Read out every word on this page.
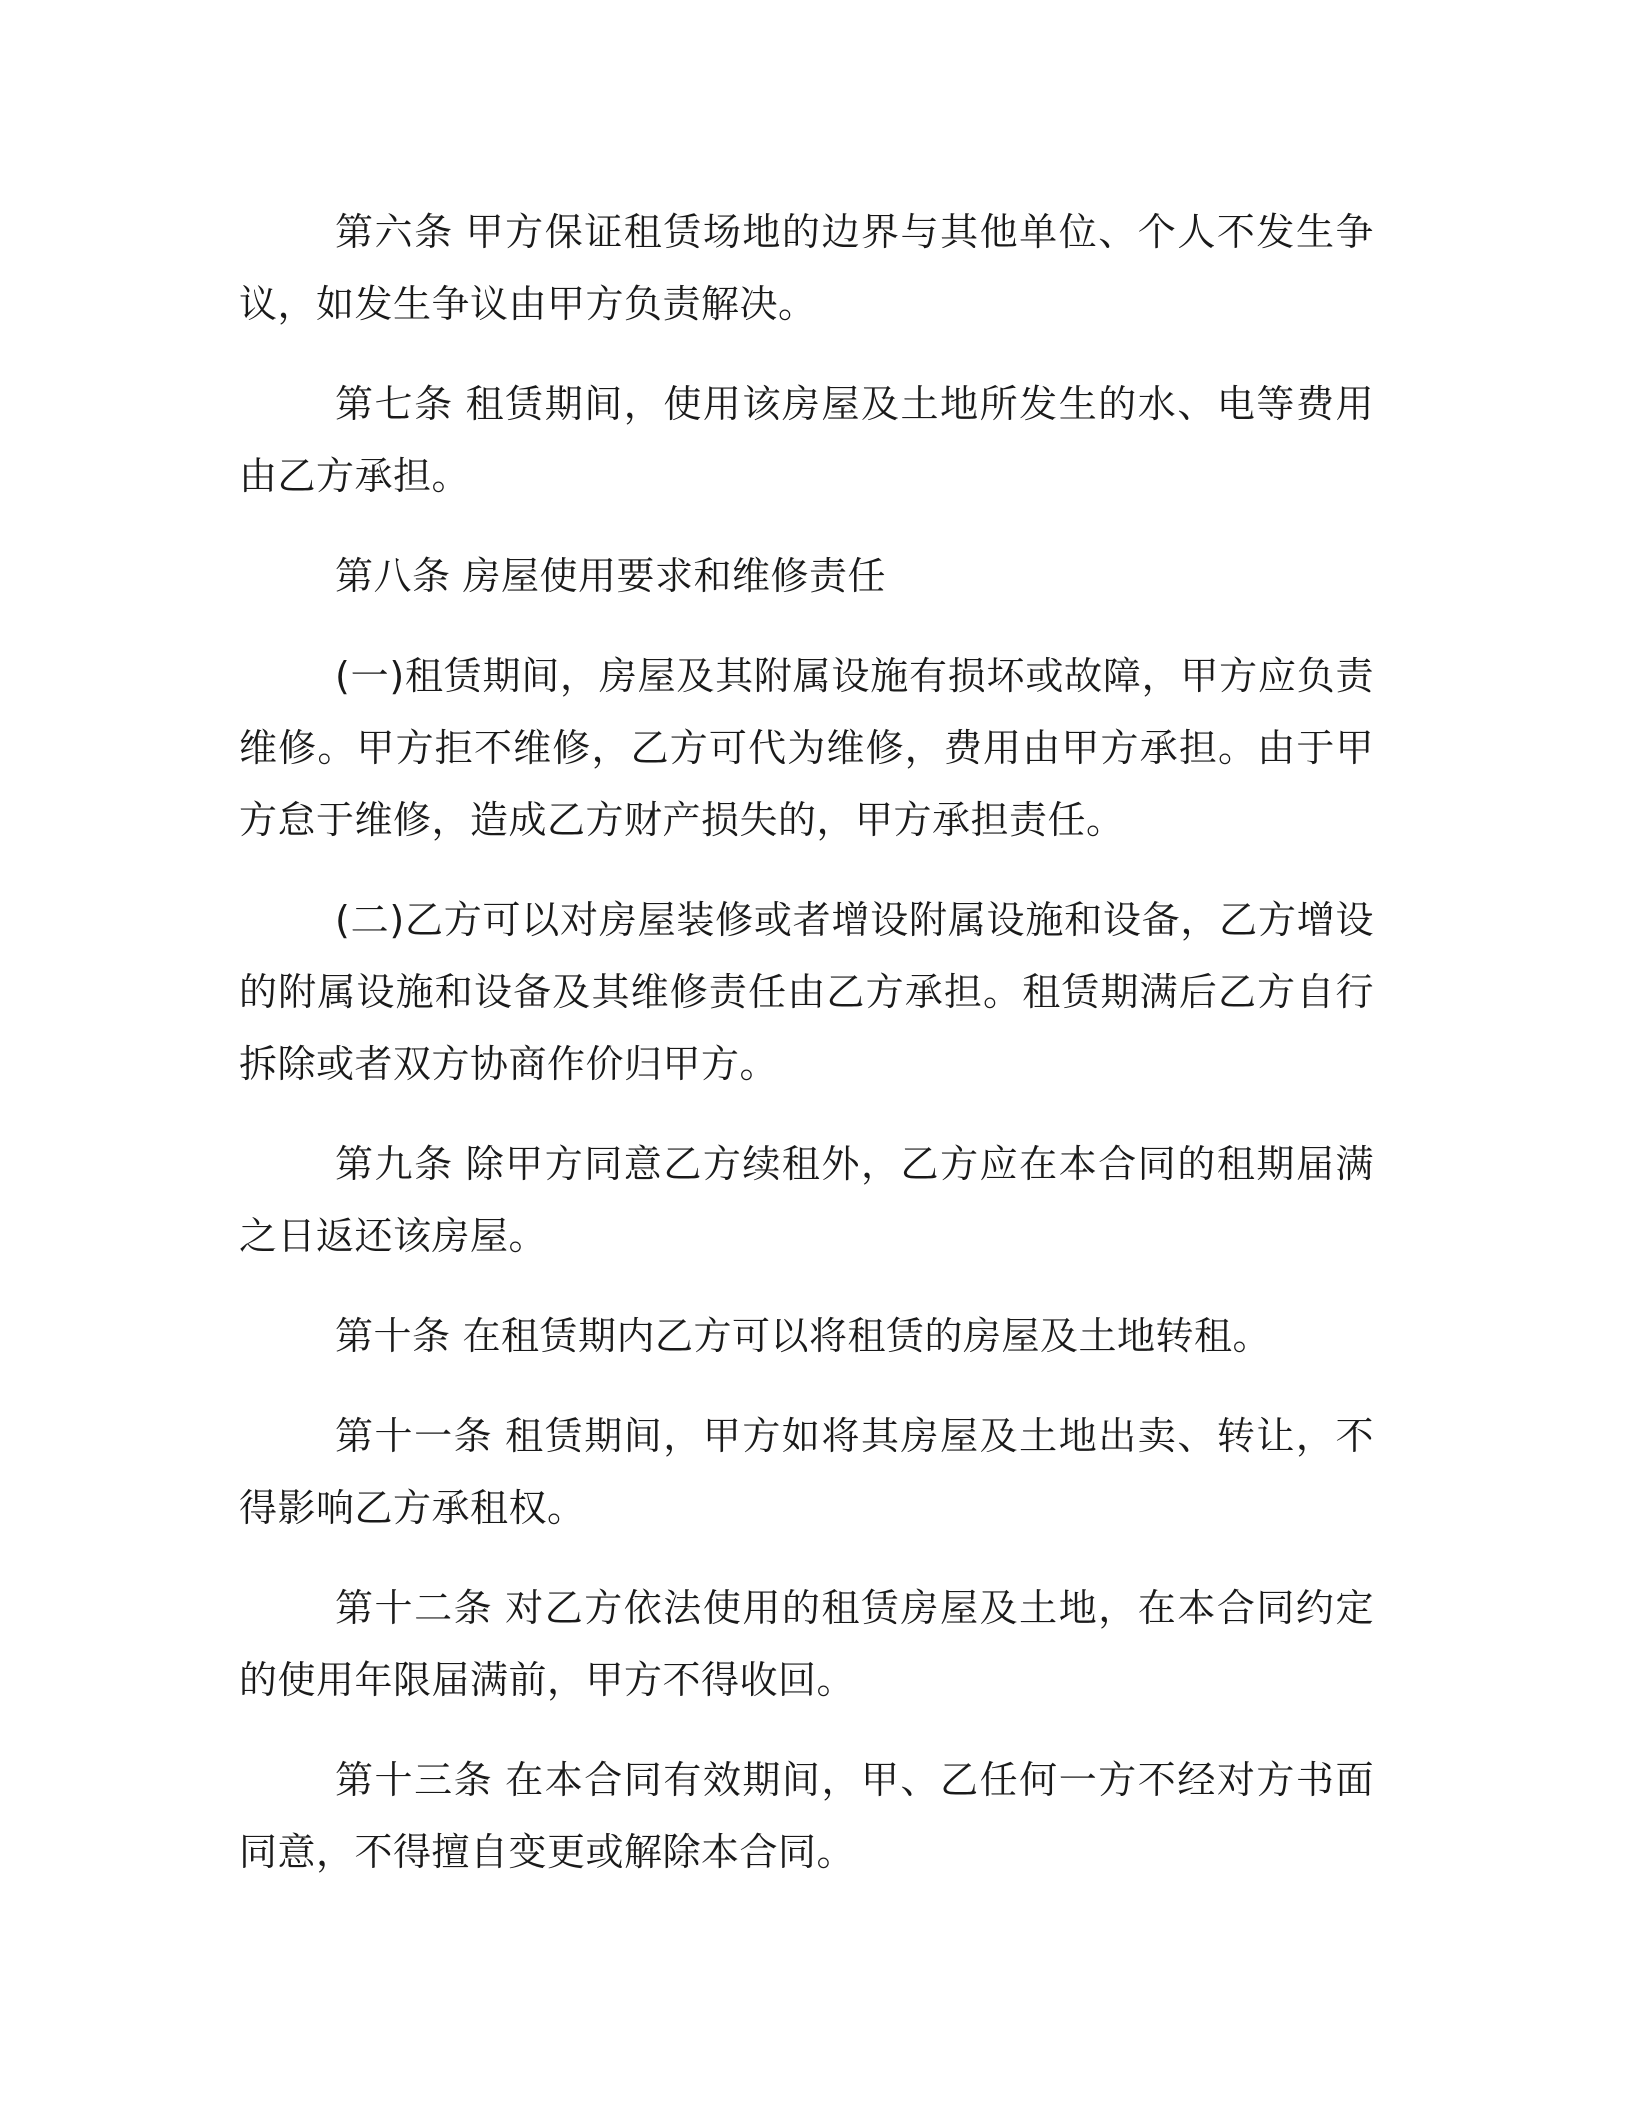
第六条 甲方保证租赁场地的边界与其他单位、个人不发生争议，如发生争议由甲方负责解决。

第七条 租赁期间，使用该房屋及土地所发生的水、电等费用由乙方承担。

第八条 房屋使用要求和维修责任

(一)租赁期间，房屋及其附属设施有损坏或故障，甲方应负责维修。甲方拒不维修，乙方可代为维修，费用由甲方承担。由于甲方怠于维修，造成乙方财产损失的，甲方承担责任。

(二)乙方可以对房屋装修或者增设附属设施和设备，乙方增设的附属设施和设备及其维修责任由乙方承担。租赁期满后乙方自行拆除或者双方协商作价归甲方。

第九条 除甲方同意乙方续租外，乙方应在本合同的租期届满之日返还该房屋。

第十条 在租赁期内乙方可以将租赁的房屋及土地转租。

第十一条 租赁期间，甲方如将其房屋及土地出卖、转让，不得影响乙方承租权。

第十二条 对乙方依法使用的租赁房屋及土地，在本合同约定的使用年限届满前，甲方不得收回。

第十三条 在本合同有效期间，甲、乙任何一方不经对方书面同意，不得擅自变更或解除本合同。
